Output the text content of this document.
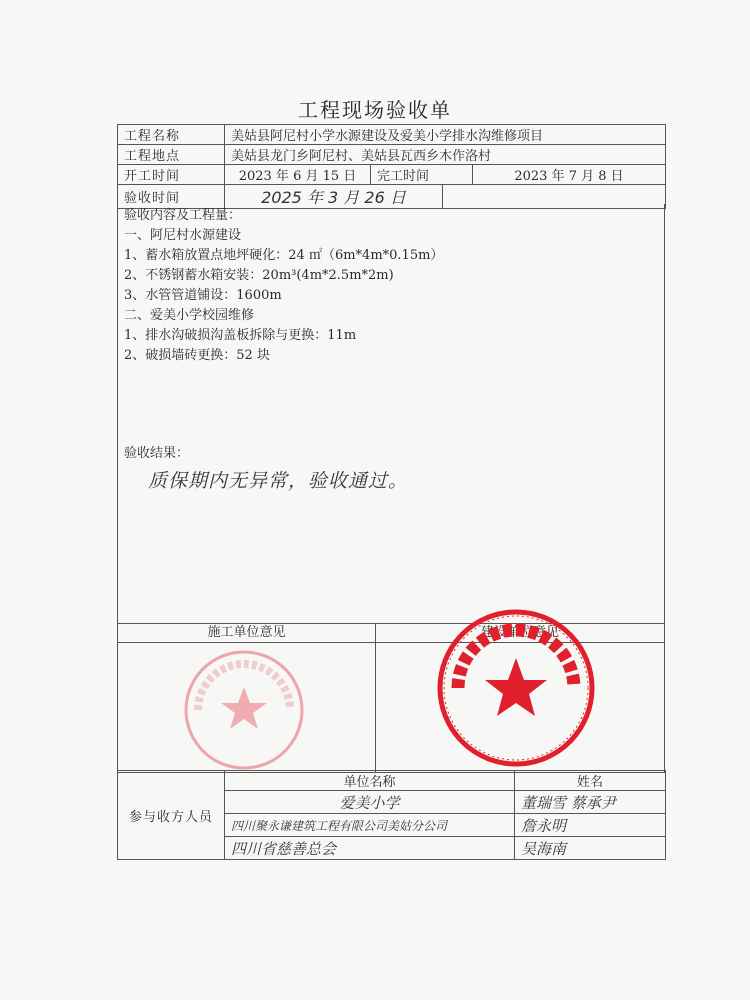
工程现场验收单
工程名称	美姑县阿尼村小学水源建设及爱美小学排水沟维修项目			
工程地点	美姑县龙门乡阿尼村、美姑县瓦西乡木作洛村			
开工时间	2023 年 6 月 15 日	完工时间		2023 年 7 月 8 日
验收时间	2025 年 3 月 26 日			
验收内容及工程量：
一、阿尼村水源建设
1、蓄水箱放置点地坪硬化：24 ㎡（6m*4m*0.15m）
2、不锈钢蓄水箱安装：20m³(4m*2.5m*2m)
3、水管管道铺设：1600m
二、爱美小学校园维修
1、排水沟破损沟盖板拆除与更换：11m
2、破损墙砖更换：52 块
验收结果：
质保期内无异常，验收通过。
施工单位意见	建设单位意见
参与收方人员	单位名称	姓名
	爱美小学	董瑞雪 蔡承尹
	四川聚永谦建筑工程有限公司美姑分公司	詹永明
	四川省慈善总会	吴海南
